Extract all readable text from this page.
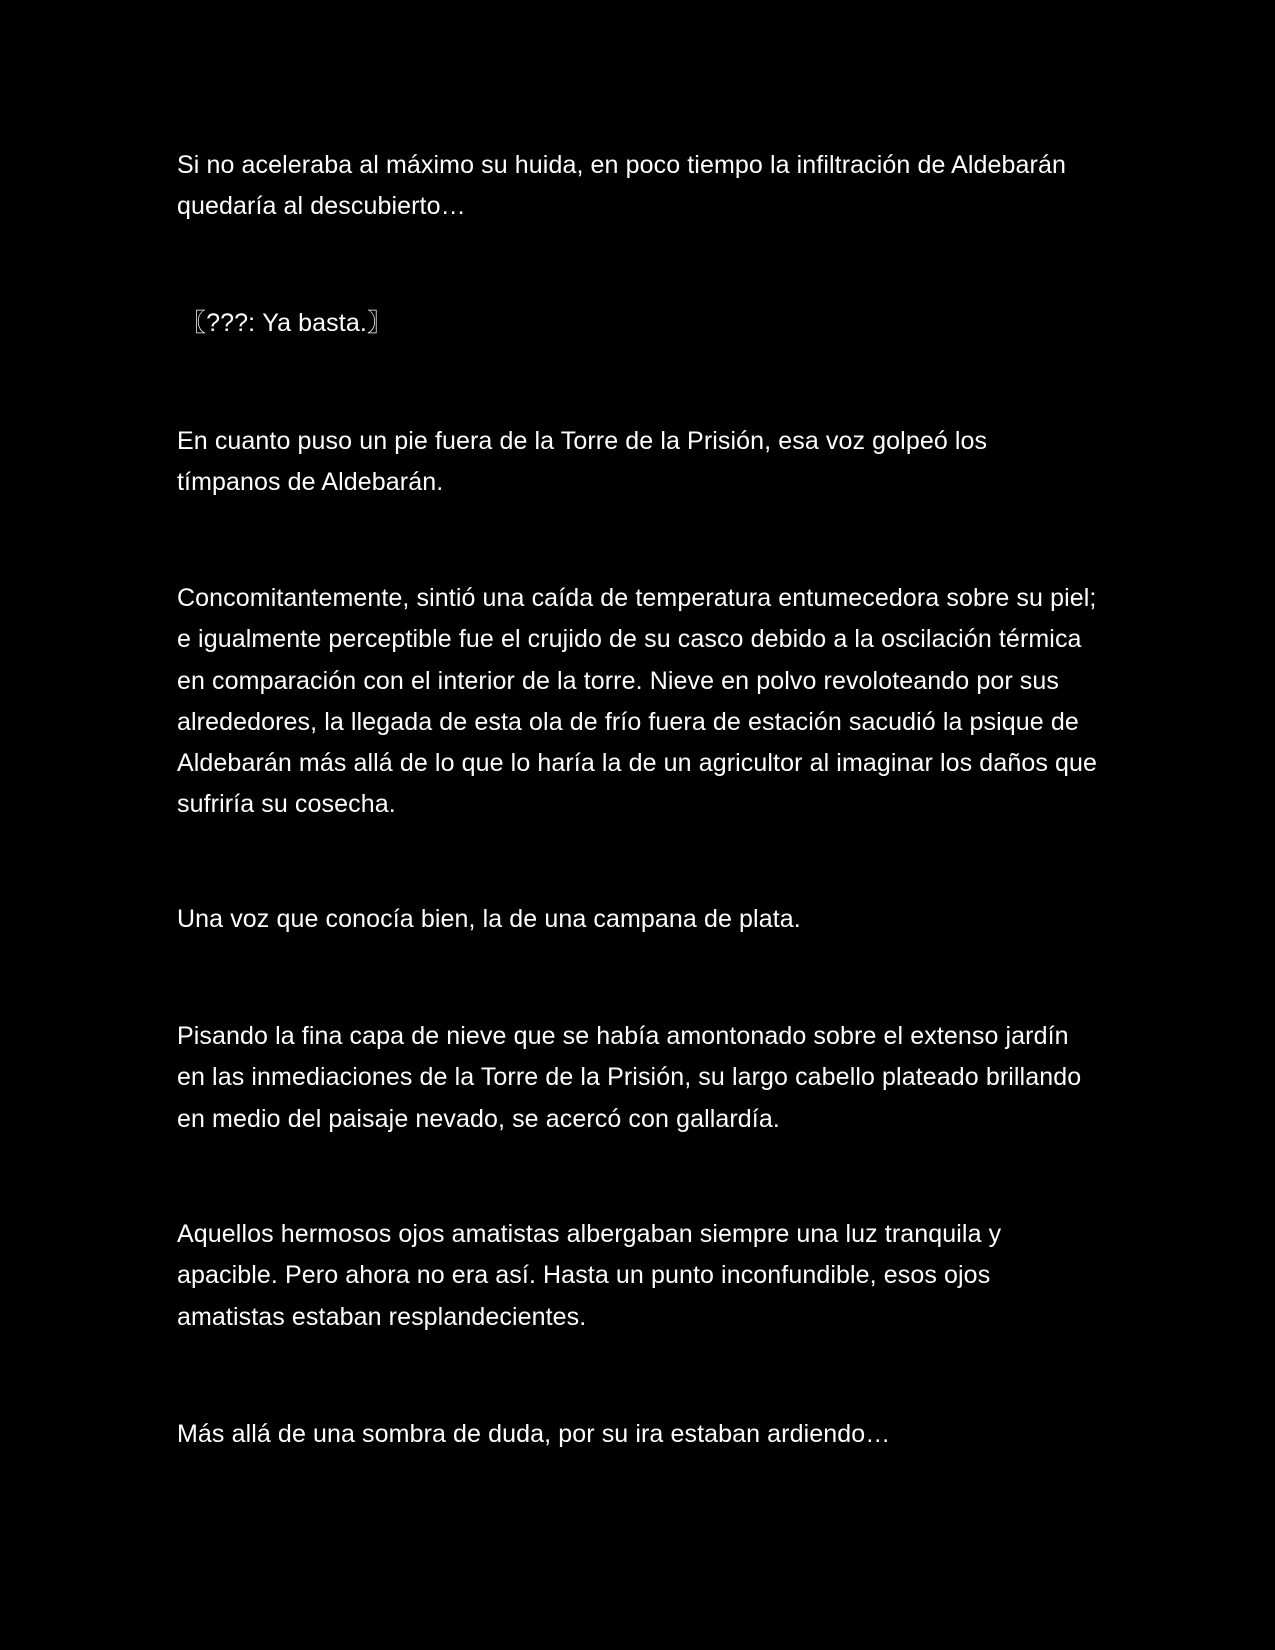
Si no aceleraba al máximo su huida, en poco tiempo la infiltración de Aldebarán quedaría al descubierto…

〖???: Ya basta.〗

En cuanto puso un pie fuera de la Torre de la Prisión, esa voz golpeó los tímpanos de Aldebarán.

Concomitantemente, sintió una caída de temperatura entumecedora sobre su piel; e igualmente perceptible fue el crujido de su casco debido a la oscilación térmica en comparación con el interior de la torre. Nieve en polvo revoloteando por sus alrededores, la llegada de esta ola de frío fuera de estación sacudió la psique de Aldebarán más allá de lo que lo haría la de un agricultor al imaginar los daños que sufriría su cosecha.

Una voz que conocía bien, la de una campana de plata.

Pisando la fina capa de nieve que se había amontonado sobre el extenso jardín en las inmediaciones de la Torre de la Prisión, su largo cabello plateado brillando en medio del paisaje nevado, se acercó con gallardía.

Aquellos hermosos ojos amatistas albergaban siempre una luz tranquila y apacible. Pero ahora no era así. Hasta un punto inconfundible, esos ojos amatistas estaban resplandecientes.

Más allá de una sombra de duda, por su ira estaban ardiendo…
